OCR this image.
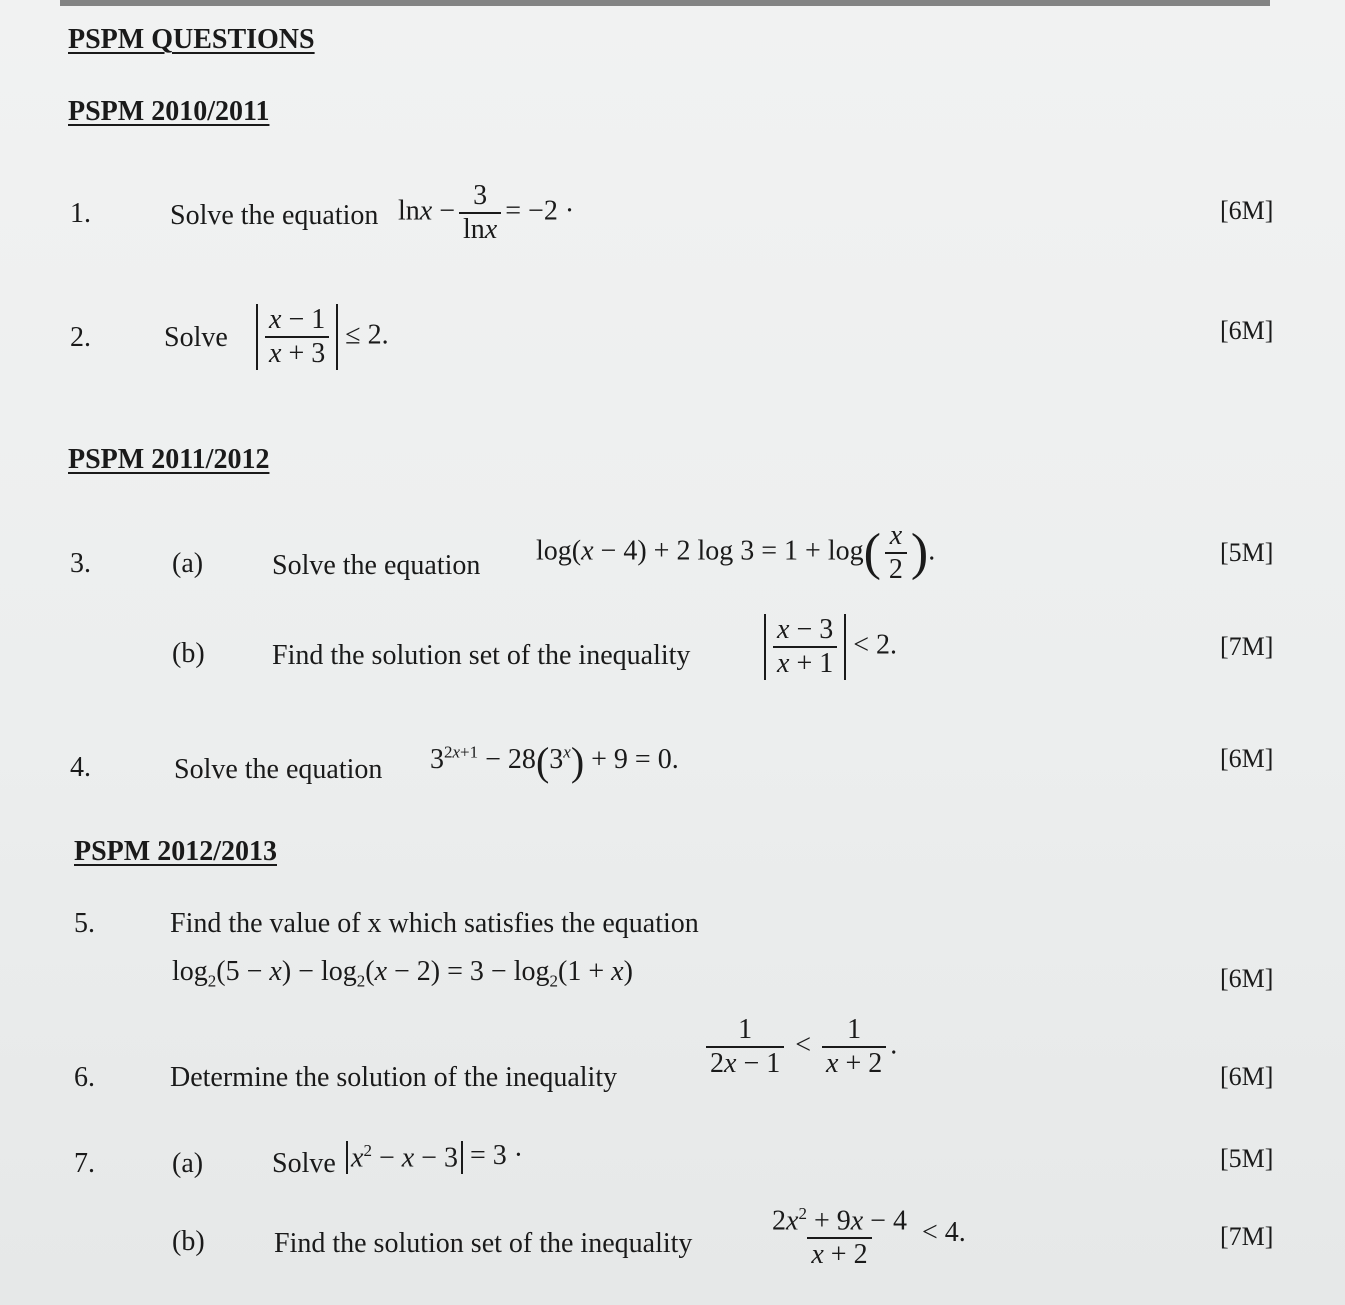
PSPM QUESTIONS
PSPM 2010/2011
1.	Solve the equation $\ln x - \frac{3}{\ln x} = -2$ ·	[6M]
2.	Solve $\frac{x - 1}{x + 3} \le 2$.	[6M]
PSPM 2011/2012
3.	(a) Solve the equation log(x − 4) + 2 $\log 3 = 1 + \log( \frac{x}{2}$ ).	[5M]
(b) Find the solution set of the inequality	$\frac{x - 3}{x + 1} < 2$.	[7M]
4.	Solve the equation $3^{2x+1} - 28(3^x) + 9 = 0$.	[6M]
PSPM 2012/2013
5.	Find the value of x which satisfies the equation
$\log_2(5 - x) - \log_2(x - 2) = 3 - \log_2(1 + x)$	[6M]
6.	Determine the solution of the inequality	$\frac{1}{2x - 1} < \frac{1}{x + 2}$ .
[6M]
7.	(a) Solve $x^2 - x - 3 = 3$ ·	[5M]
(b) Find the solution set of the inequality	$\frac{2x^2 + 9x - 4}{x + 2} < 4$.	[7M]
